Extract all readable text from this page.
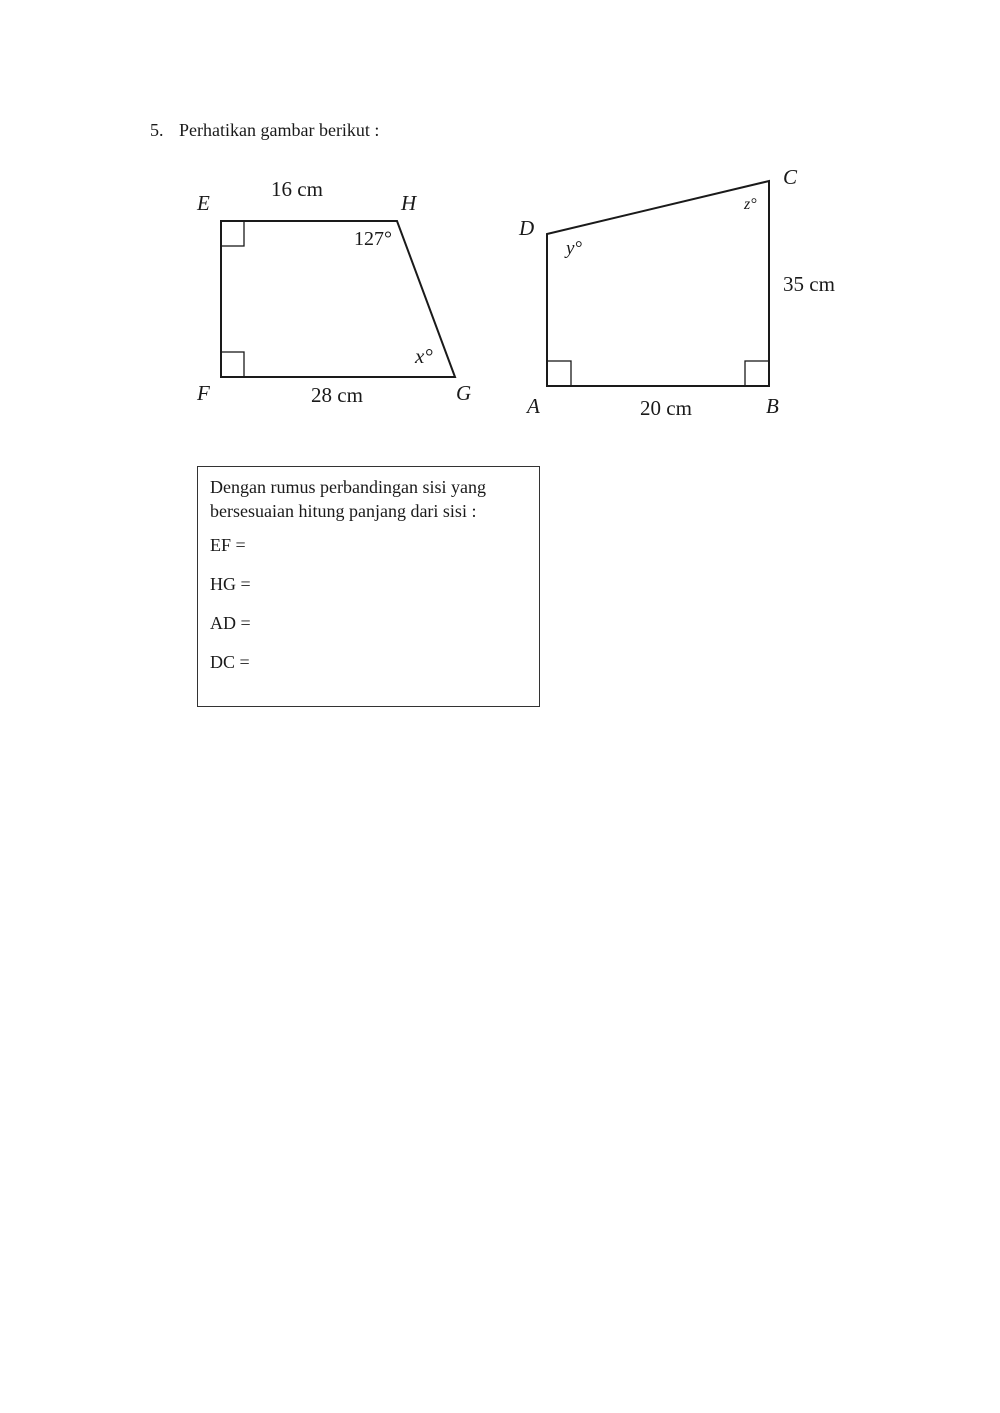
5. Perhatikan gambar berikut :
E	H
F	G
16 cm
28 cm
127°
x°
D
C
A	B
35 cm
20 cm
y°
z°
Dengan rumus perbandingan sisi yang
bersesuaian hitung panjang dari sisi :
EF =
HG =
AD =
DC =
